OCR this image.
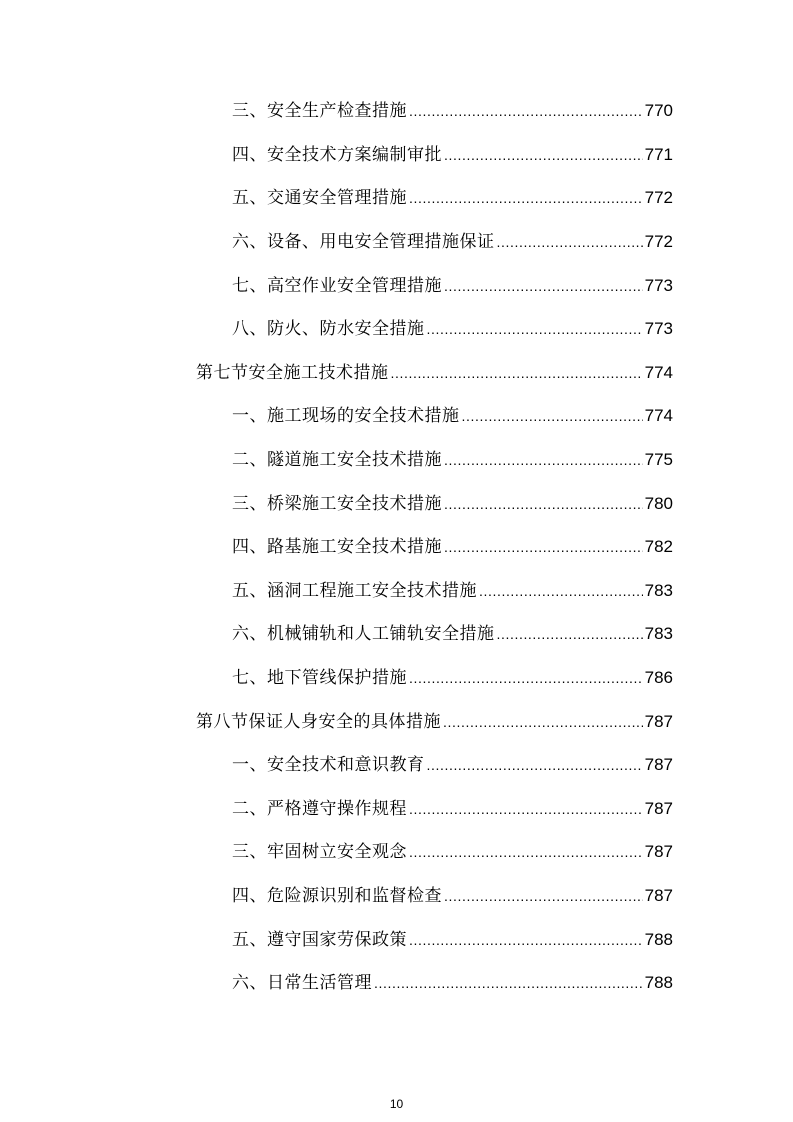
三、安全生产检查措施 .....	770
四、安全技术方案编制审批 .....	771
五、交通安全管理措施 .....	772
六、设备、用电安全管理措施保证 .....	772
七、高空作业安全管理措施 .....	773
八、防火、防水安全措施 .....	773
第七节安全施工技术措施 .....	774
一、施工现场的安全技术措施 .....	774
二、隧道施工安全技术措施 .....	775
三、桥梁施工安全技术措施 .....	780
四、路基施工安全技术措施 .....	782
五、涵洞工程施工安全技术措施 .....	783
六、机械铺轨和人工铺轨安全措施 .....	783
七、地下管线保护措施 .....	786
第八节保证人身安全的具体措施 .....	787
一、安全技术和意识教育 .....	787
二、严格遵守操作规程 .....	787
三、牢固树立安全观念 .....	787
四、危险源识别和监督检查 .....	787
五、遵守国家劳保政策 .....	788
六、日常生活管理 .....	788
10
